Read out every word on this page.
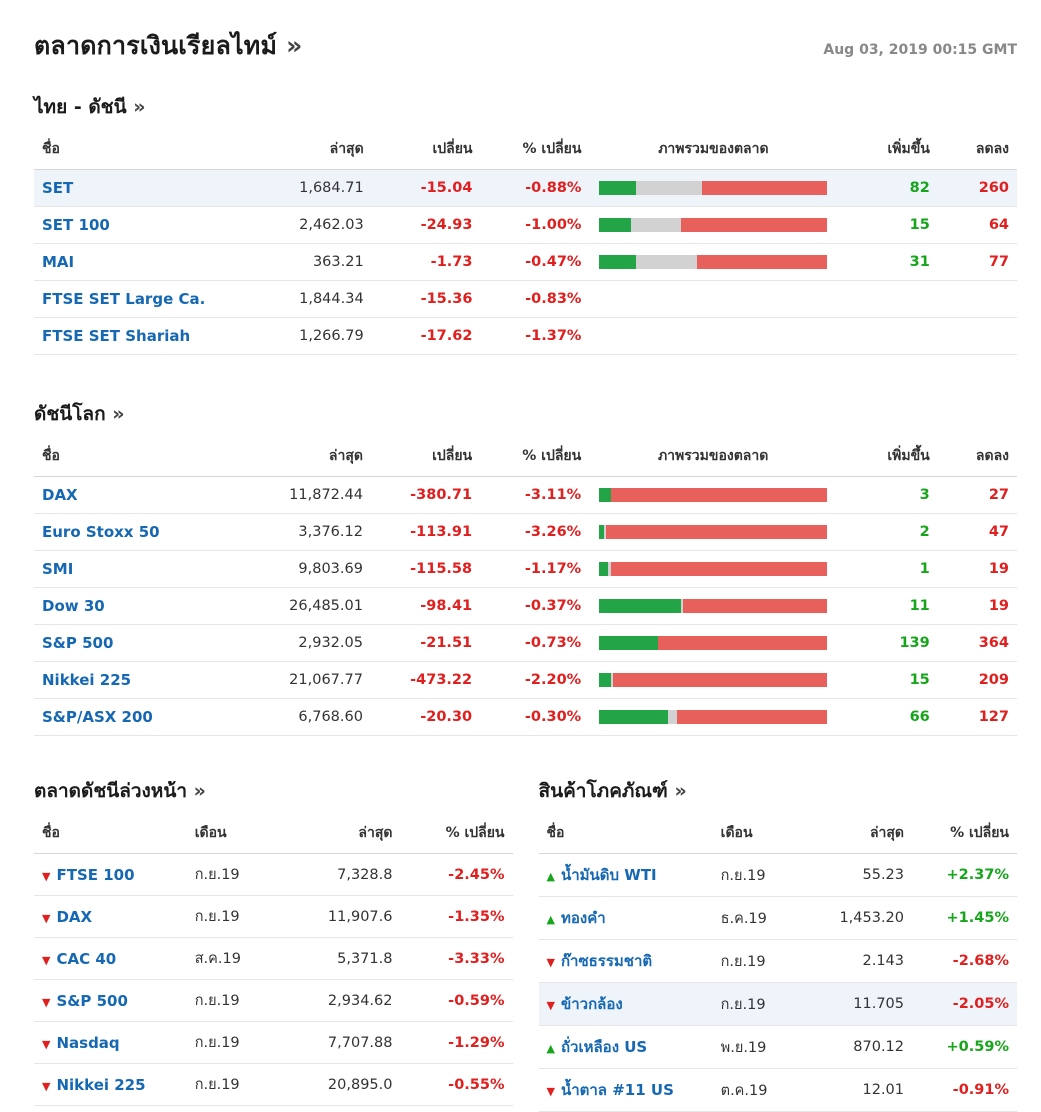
ตลาดการเงินเรียลไทม์ »	Aug 03, 2019 00:15 GMT
ไทย - ดัชนี »
ชื่อ	ล่าสุด	เปลี่ยน	% เปลี่ยน	ภาพรวมของตลาด	เพิ่มขึ้น	ลดลง
SET	1,684.71	-15.04	-0.88%		82	260
SET 100	2,462.03	-24.93	-1.00%		15	64
MAI	363.21	-1.73	-0.47%		31	77
FTSE SET Large Ca.	1,844.34	-15.36	-0.83%			
FTSE SET Shariah	1,266.79	-17.62	-1.37%			
ดัชนีโลก »
ชื่อ	ล่าสุด	เปลี่ยน	% เปลี่ยน	ภาพรวมของตลาด	เพิ่มขึ้น	ลดลง
DAX	11,872.44	-380.71	-3.11%		3	27
Euro Stoxx 50	3,376.12	-113.91	-3.26%		2	47
SMI	9,803.69	-115.58	-1.17%		1	19
Dow 30	26,485.01	-98.41	-0.37%		11	19
S&P 500	2,932.05	-21.51	-0.73%		139	364
Nikkei 225	21,067.77	-473.22	-2.20%		15	209
S&P/ASX 200	6,768.60	-20.30	-0.30%		66	127
ตลาดดัชนีล่วงหน้า »
ชื่อ	เดือน	ล่าสุด	% เปลี่ยน
▼ FTSE 100	ก.ย.19	7,328.8	-2.45%
▼ DAX	ก.ย.19	11,907.6	-1.35%
▼ CAC 40	ส.ค.19	5,371.8	-3.33%
▼ S&P 500	ก.ย.19	2,934.62	-0.59%
▼ Nasdaq	ก.ย.19	7,707.88	-1.29%
▼ Nikkei 225	ก.ย.19	20,895.0	-0.55%
สินค้าโภคภัณฑ์ »
ชื่อ	เดือน	ล่าสุด	% เปลี่ยน
▲ น้ำมันดิบ WTI	ก.ย.19	55.23	+2.37%
▲ ทองคำ	ธ.ค.19	1,453.20	+1.45%
▼ ก๊าซธรรมชาติ	ก.ย.19	2.143	-2.68%
▼ ข้าวกล้อง	ก.ย.19	11.705	-2.05%
▲ ถั่วเหลือง US	พ.ย.19	870.12	+0.59%
▼ น้ำตาล #11 US	ต.ค.19	12.01	-0.91%
